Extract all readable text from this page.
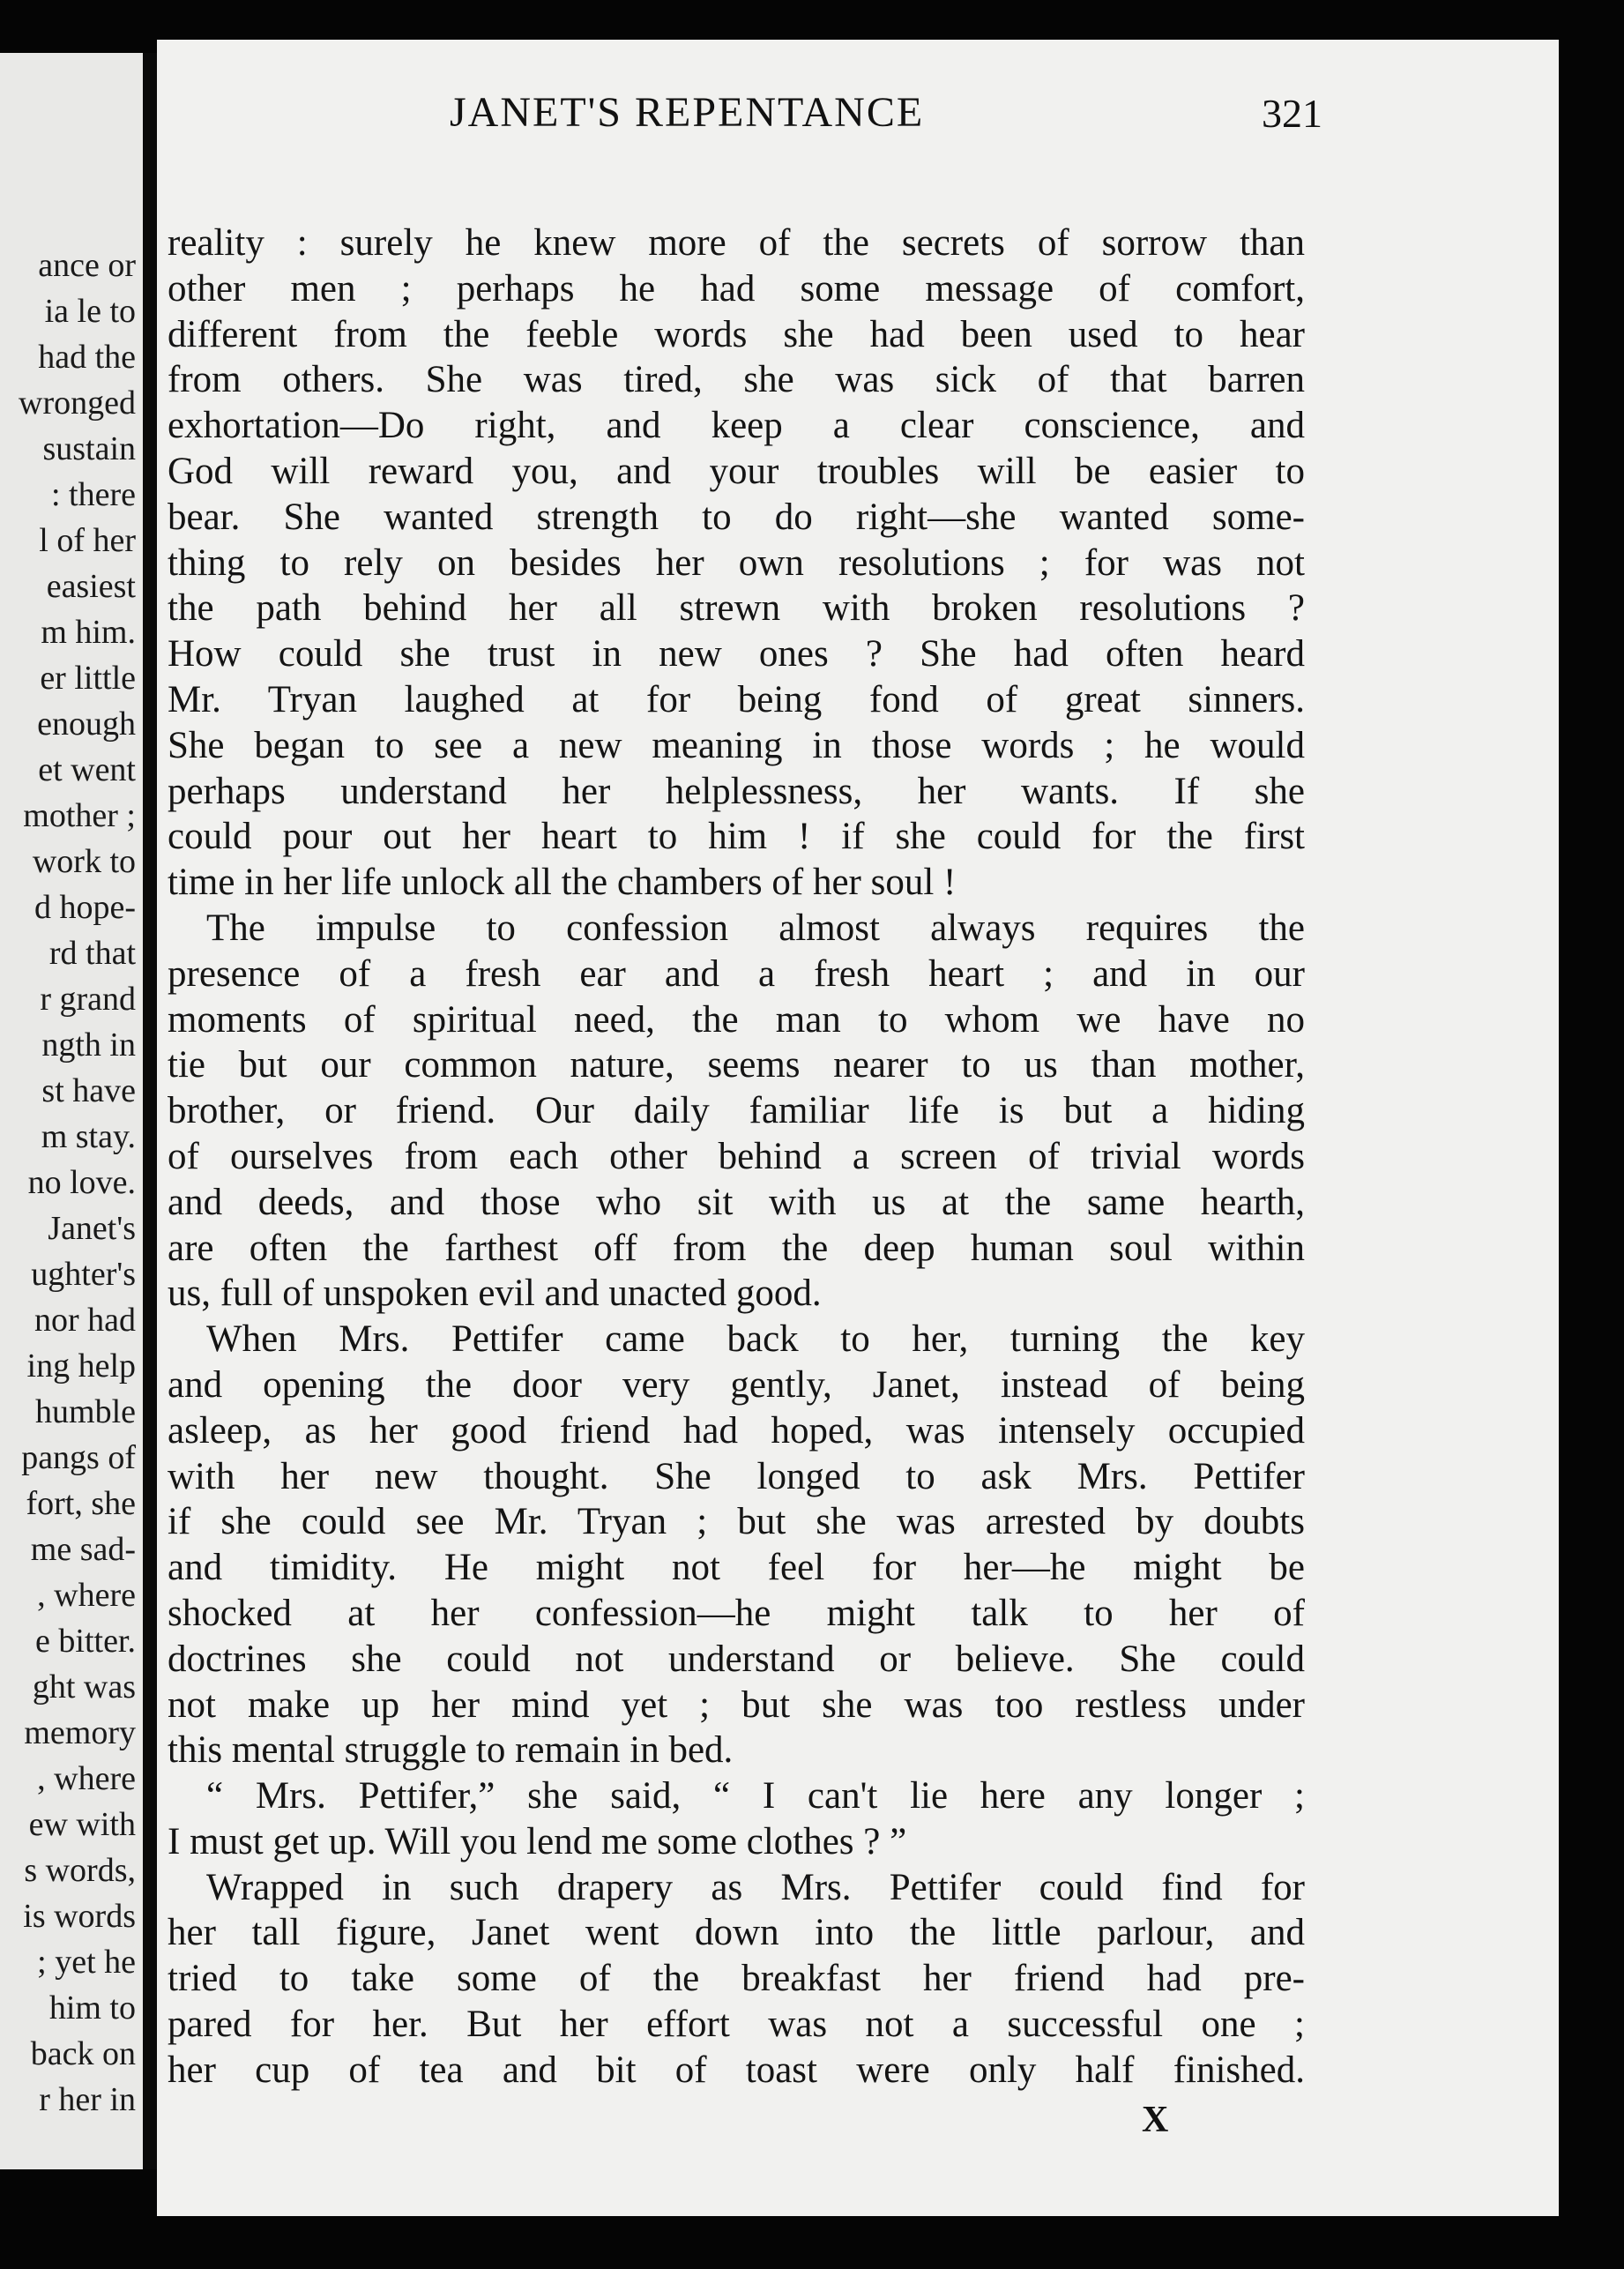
ance or
ia le to
had the
wronged
sustain
: there
l of her
easiest
m him.
er little
enough
et went
mother ;
work to
d hope-
rd that
r grand
ngth in
st have
m stay.
no love.
Janet's
ughter's
nor had
ing help
humble
pangs of
fort, she
me sad-
, where
e bitter.
ght was
memory
, where
ew with
s words,
is words
; yet he
him to
back on
r her in
JANET'S REPENTANCE	321
reality : surely he knew more of the secrets of sorrow than
other men ; perhaps he had some message of comfort,
different from the feeble words she had been used to hear
from others. She was tired, she was sick of that barren
exhortation—Do right, and keep a clear conscience, and
God will reward you, and your troubles will be easier to
bear. She wanted strength to do right—she wanted some-
thing to rely on besides her own resolutions ; for was not
the path behind her all strewn with broken resolutions ?
How could she trust in new ones ? She had often heard
Mr. Tryan laughed at for being fond of great sinners.
She began to see a new meaning in those words ; he would
perhaps understand her helplessness, her wants. If she
could pour out her heart to him ! if she could for the first
time in her life unlock all the chambers of her soul !
The impulse to confession almost always requires the
presence of a fresh ear and a fresh heart ; and in our
moments of spiritual need, the man to whom we have no
tie but our common nature, seems nearer to us than mother,
brother, or friend. Our daily familiar life is but a hiding
of ourselves from each other behind a screen of trivial words
and deeds, and those who sit with us at the same hearth,
are often the farthest off from the deep human soul within
us, full of unspoken evil and unacted good.
When Mrs. Pettifer came back to her, turning the key
and opening the door very gently, Janet, instead of being
asleep, as her good friend had hoped, was intensely occupied
with her new thought. She longed to ask Mrs. Pettifer
if she could see Mr. Tryan ; but she was arrested by doubts
and timidity. He might not feel for her—he might be
shocked at her confession—he might talk to her of
doctrines she could not understand or believe. She could
not make up her mind yet ; but she was too restless under
this mental struggle to remain in bed.
“ Mrs. Pettifer,” she said, “ I can't lie here any longer ;
I must get up. Will you lend me some clothes ? ”
Wrapped in such drapery as Mrs. Pettifer could find for
her tall figure, Janet went down into the little parlour, and
tried to take some of the breakfast her friend had pre-
pared for her. But her effort was not a successful one ;
her cup of tea and bit of toast were only half finished.
X
